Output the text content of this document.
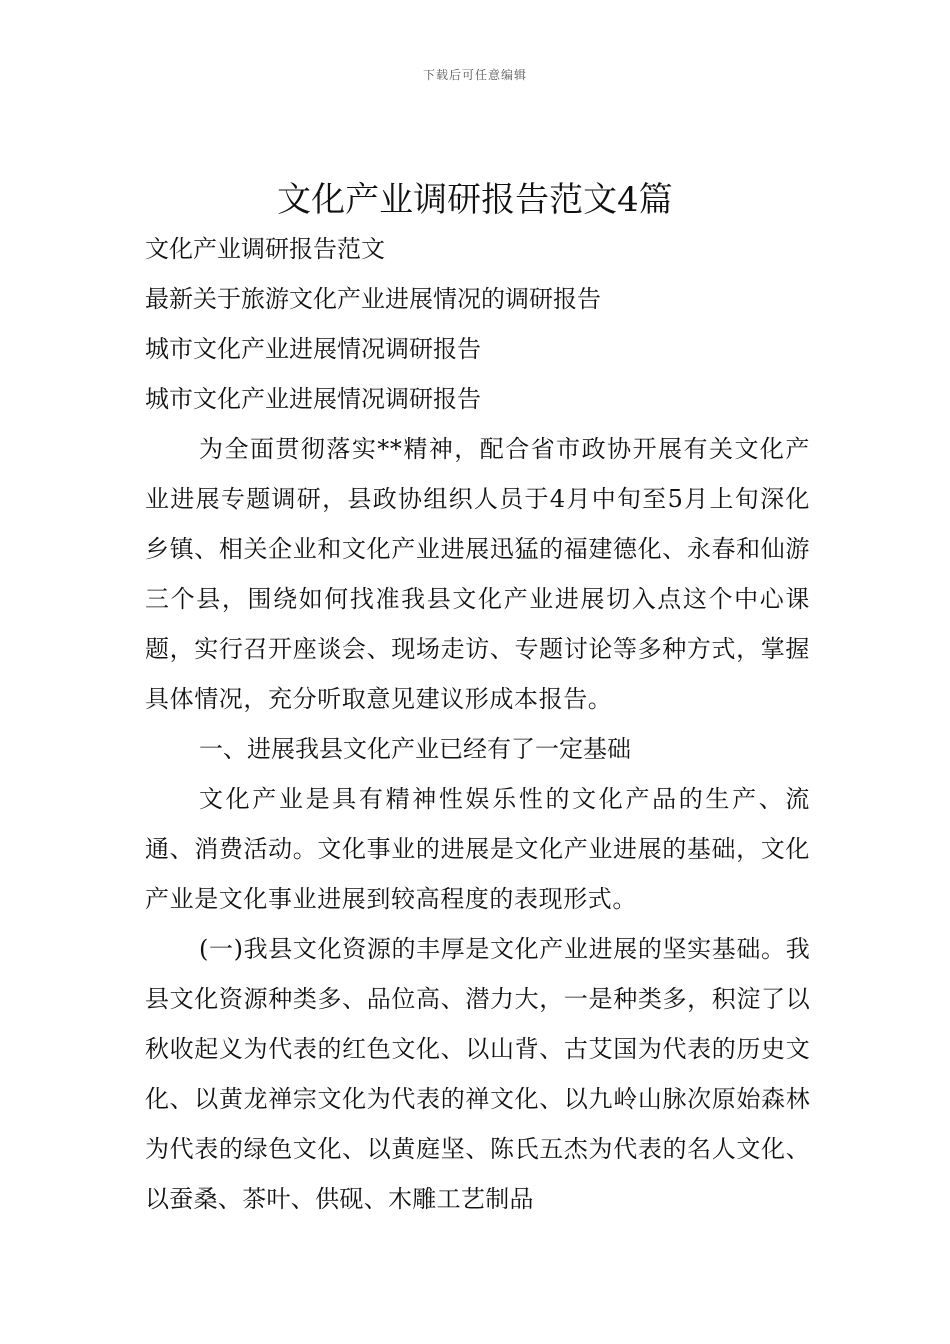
下载后可任意编辑
文化产业调研报告范文4篇

文化产业调研报告范文

最新关于旅游文化产业进展情况的调研报告

城市文化产业进展情况调研报告

城市文化产业进展情况调研报告

为全面贯彻落实**精神，配合省市政协开展有关文化产业进展专题调研，县政协组织人员于4月中旬至5月上旬深化乡镇、相关企业和文化产业进展迅猛的福建德化、永春和仙游三个县，围绕如何找准我县文化产业进展切入点这个中心课题，实行召开座谈会、现场走访、专题讨论等多种方式，掌握具体情况，充分听取意见建议形成本报告。

一、进展我县文化产业已经有了一定基础

文化产业是具有精神性娱乐性的文化产品的生产、流通、消费活动。文化事业的进展是文化产业进展的基础，文化产业是文化事业进展到较高程度的表现形式。

(一)我县文化资源的丰厚是文化产业进展的坚实基础。我县文化资源种类多、品位高、潜力大，一是种类多，积淀了以秋收起义为代表的红色文化、以山背、古艾国为代表的历史文化、以黄龙禅宗文化为代表的禅文化、以九岭山脉次原始森林为代表的绿色文化、以黄庭坚、陈氏五杰为代表的名人文化、以蚕桑、茶叶、供砚、木雕工艺制品
